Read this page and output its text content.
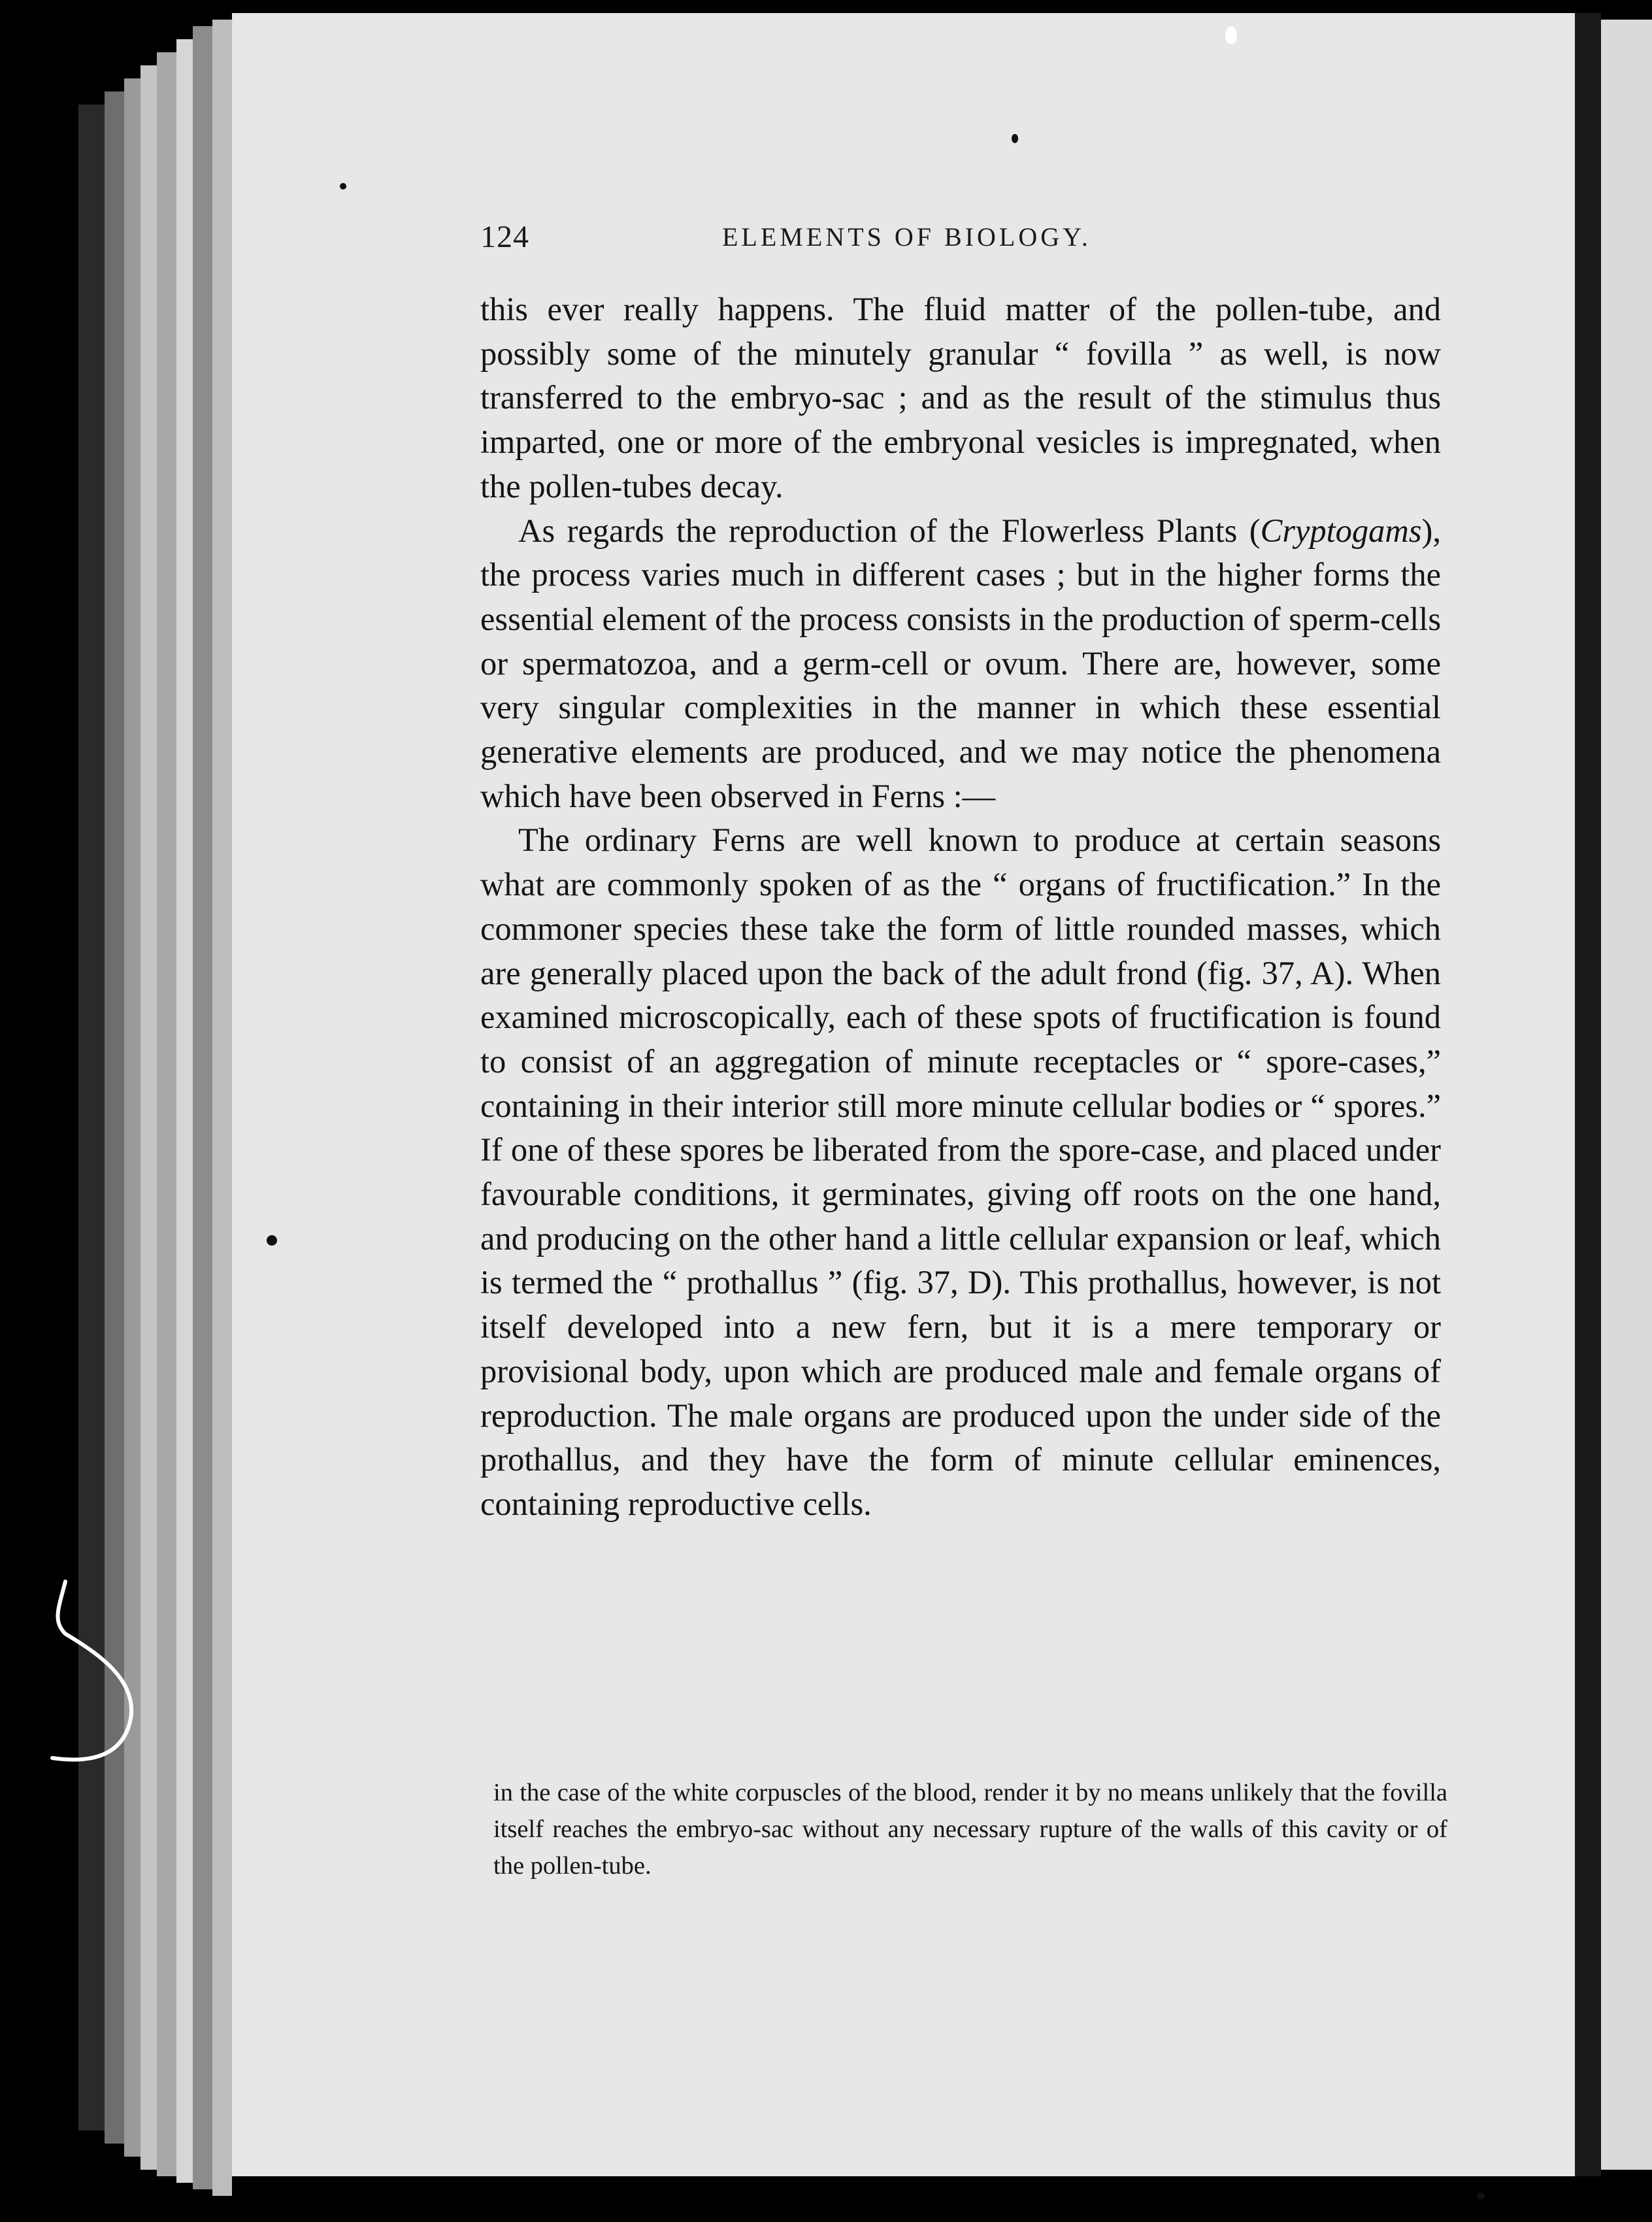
124	ELEMENTS OF BIOLOGY.

this ever really happens. The fluid matter of the pollen-tube, and possibly some of the minutely granular “ fovilla ” as well, is now transferred to the embryo-sac ; and as the result of the stimulus thus imparted, one or more of the embryonal vesicles is impregnated, when the pollen-tubes decay.

As regards the reproduction of the Flowerless Plants (Cryptogams), the process varies much in different cases ; but in the higher forms the essential element of the process consists in the production of sperm-cells or spermatozoa, and a germ-cell or ovum. There are, however, some very singular complexities in the manner in which these essential generative elements are produced, and we may notice the phenomena which have been observed in Ferns :—

The ordinary Ferns are well known to produce at certain seasons what are commonly spoken of as the “ organs of fructification.” In the commoner species these take the form of little rounded masses, which are generally placed upon the back of the adult frond (fig. 37, A). When examined microscopically, each of these spots of fructification is found to consist of an aggregation of minute receptacles or “ spore-cases,” containing in their interior still more minute cellular bodies or “ spores.” If one of these spores be liberated from the spore-case, and placed under favourable conditions, it germinates, giving off roots on the one hand, and producing on the other hand a little cellular expansion or leaf, which is termed the “ prothallus ” (fig. 37, D). This prothallus, however, is not itself developed into a new fern, but it is a mere temporary or provisional body, upon which are produced male and female organs of reproduction. The male organs are produced upon the under side of the prothallus, and they have the form of minute cellular eminences, containing reproductive cells.

in the case of the white corpuscles of the blood, render it by no means unlikely that the fovilla itself reaches the embryo-sac without any necessary rupture of the walls of this cavity or of the pollen-tube.
